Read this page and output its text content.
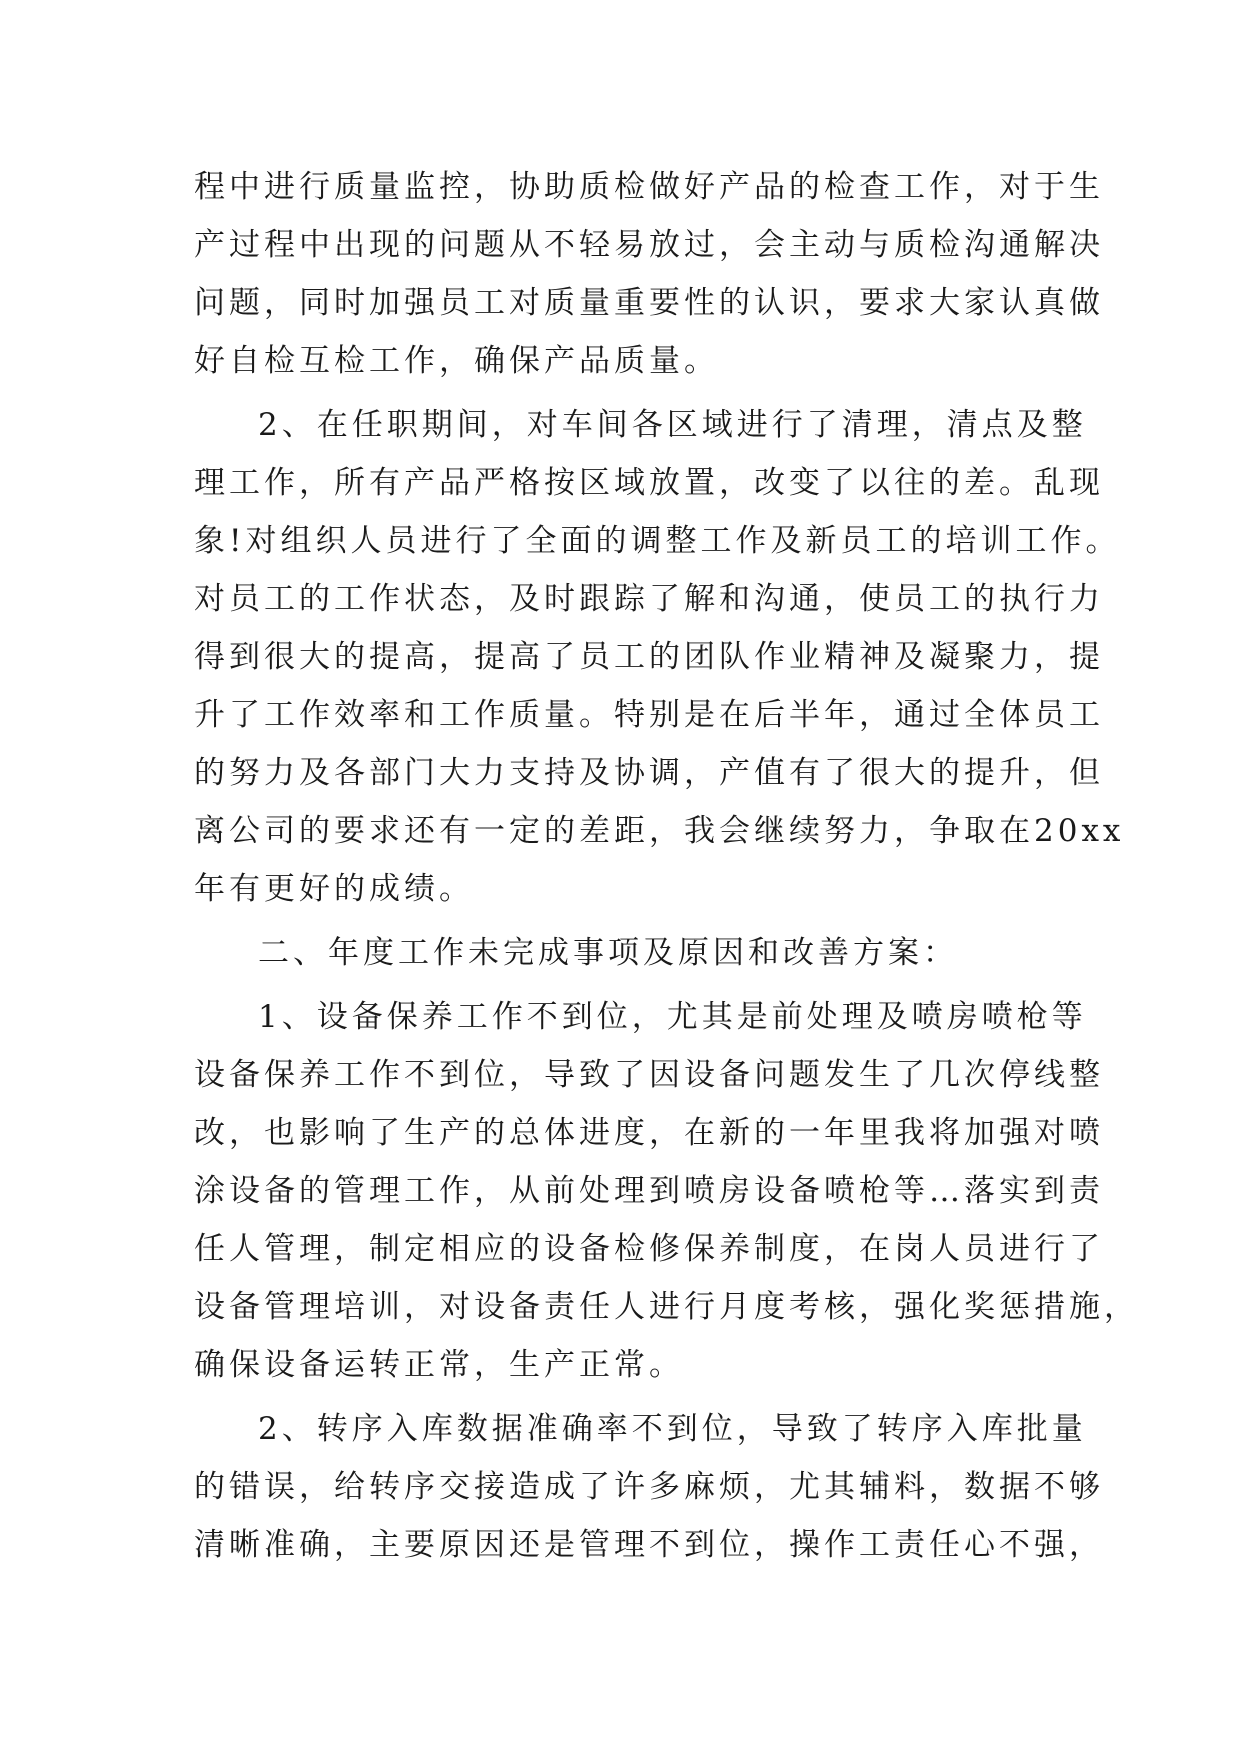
程中进行质量监控，协助质检做好产品的检查工作，对于生
产过程中出现的问题从不轻易放过，会主动与质检沟通解决
问题，同时加强员工对质量重要性的认识，要求大家认真做
好自检互检工作，确保产品质量。
2、在任职期间，对车间各区域进行了清理，清点及整
理工作，所有产品严格按区域放置，改变了以往的差。乱现
象!对组织人员进行了全面的调整工作及新员工的培训工作。
对员工的工作状态，及时跟踪了解和沟通，使员工的执行力
得到很大的提高，提高了员工的团队作业精神及凝聚力，提
升了工作效率和工作质量。特别是在后半年，通过全体员工
的努力及各部门大力支持及协调，产值有了很大的提升，但
离公司的要求还有一定的差距，我会继续努力，争取在20xx
年有更好的成绩。
二、年度工作未完成事项及原因和改善方案：
1、设备保养工作不到位，尤其是前处理及喷房喷枪等
设备保养工作不到位，导致了因设备问题发生了几次停线整
改，也影响了生产的总体进度，在新的一年里我将加强对喷
涂设备的管理工作，从前处理到喷房设备喷枪等…落实到责
任人管理，制定相应的设备检修保养制度，在岗人员进行了
设备管理培训，对设备责任人进行月度考核，强化奖惩措施，
确保设备运转正常，生产正常。
2、转序入库数据准确率不到位，导致了转序入库批量
的错误，给转序交接造成了许多麻烦，尤其辅料，数据不够
清晰准确，主要原因还是管理不到位，操作工责任心不强，
